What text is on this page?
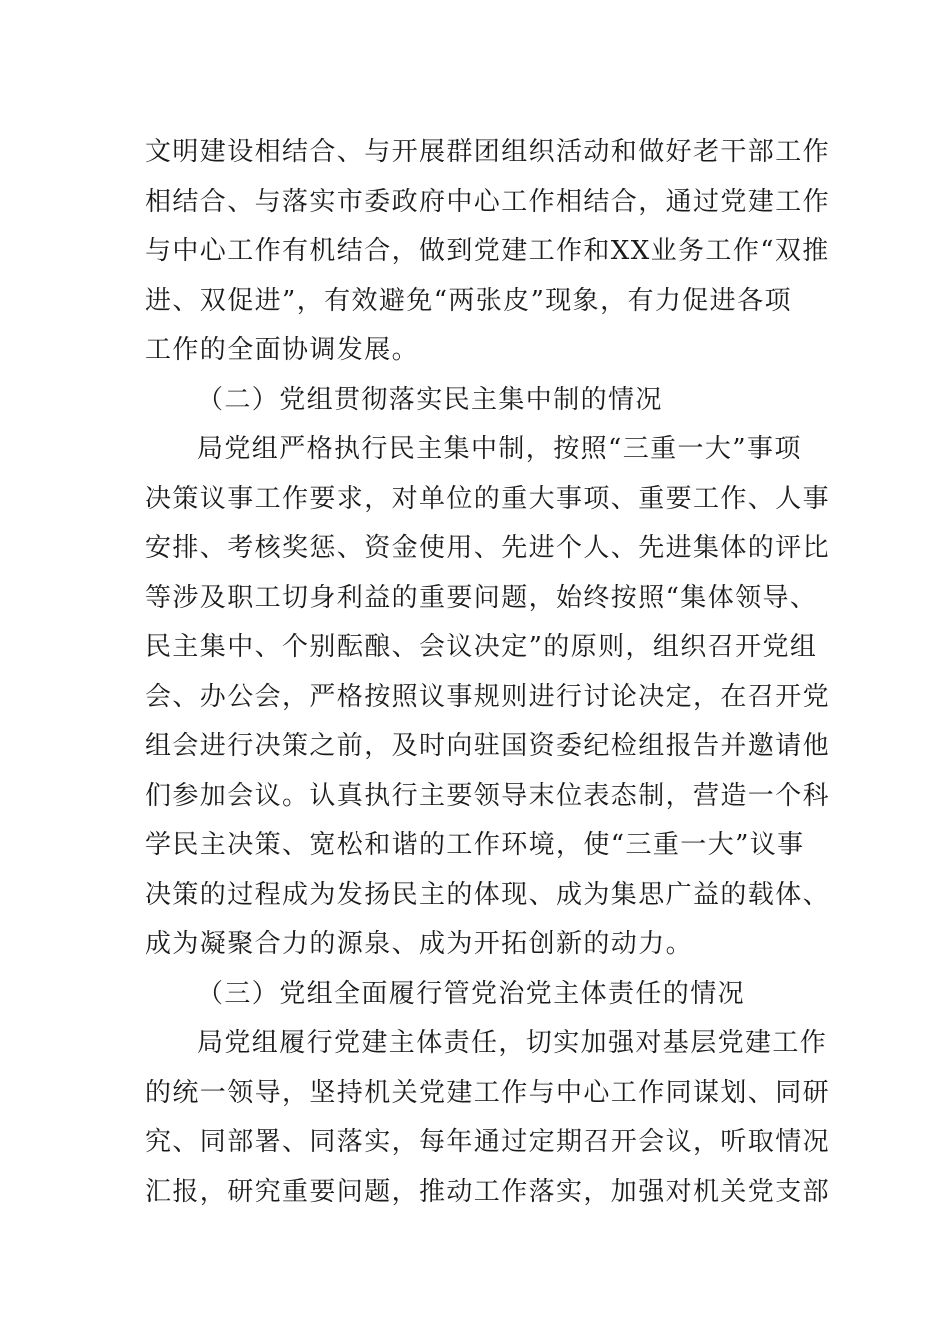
文明建设相结合、与开展群团组织活动和做好老干部工作
相结合、与落实市委政府中心工作相结合，通过党建工作
与中心工作有机结合，做到党建工作和XX业务工作“双推
进、双促进”，有效避免“两张皮”现象，有力促进各项
工作的全面协调发展。
（二）党组贯彻落实民主集中制的情况
局党组严格执行民主集中制，按照“三重一大”事项
决策议事工作要求，对单位的重大事项、重要工作、人事
安排、考核奖惩、资金使用、先进个人、先进集体的评比
等涉及职工切身利益的重要问题，始终按照“集体领导、
民主集中、个别酝酿、会议决定”的原则，组织召开党组
会、办公会，严格按照议事规则进行讨论决定，在召开党
组会进行决策之前，及时向驻国资委纪检组报告并邀请他
们参加会议。认真执行主要领导末位表态制，营造一个科
学民主决策、宽松和谐的工作环境，使“三重一大”议事
决策的过程成为发扬民主的体现、成为集思广益的载体、
成为凝聚合力的源泉、成为开拓创新的动力。
（三）党组全面履行管党治党主体责任的情况
局党组履行党建主体责任，切实加强对基层党建工作
的统一领导，坚持机关党建工作与中心工作同谋划、同研
究、同部署、同落实，每年通过定期召开会议，听取情况
汇报，研究重要问题，推动工作落实，加强对机关党支部
